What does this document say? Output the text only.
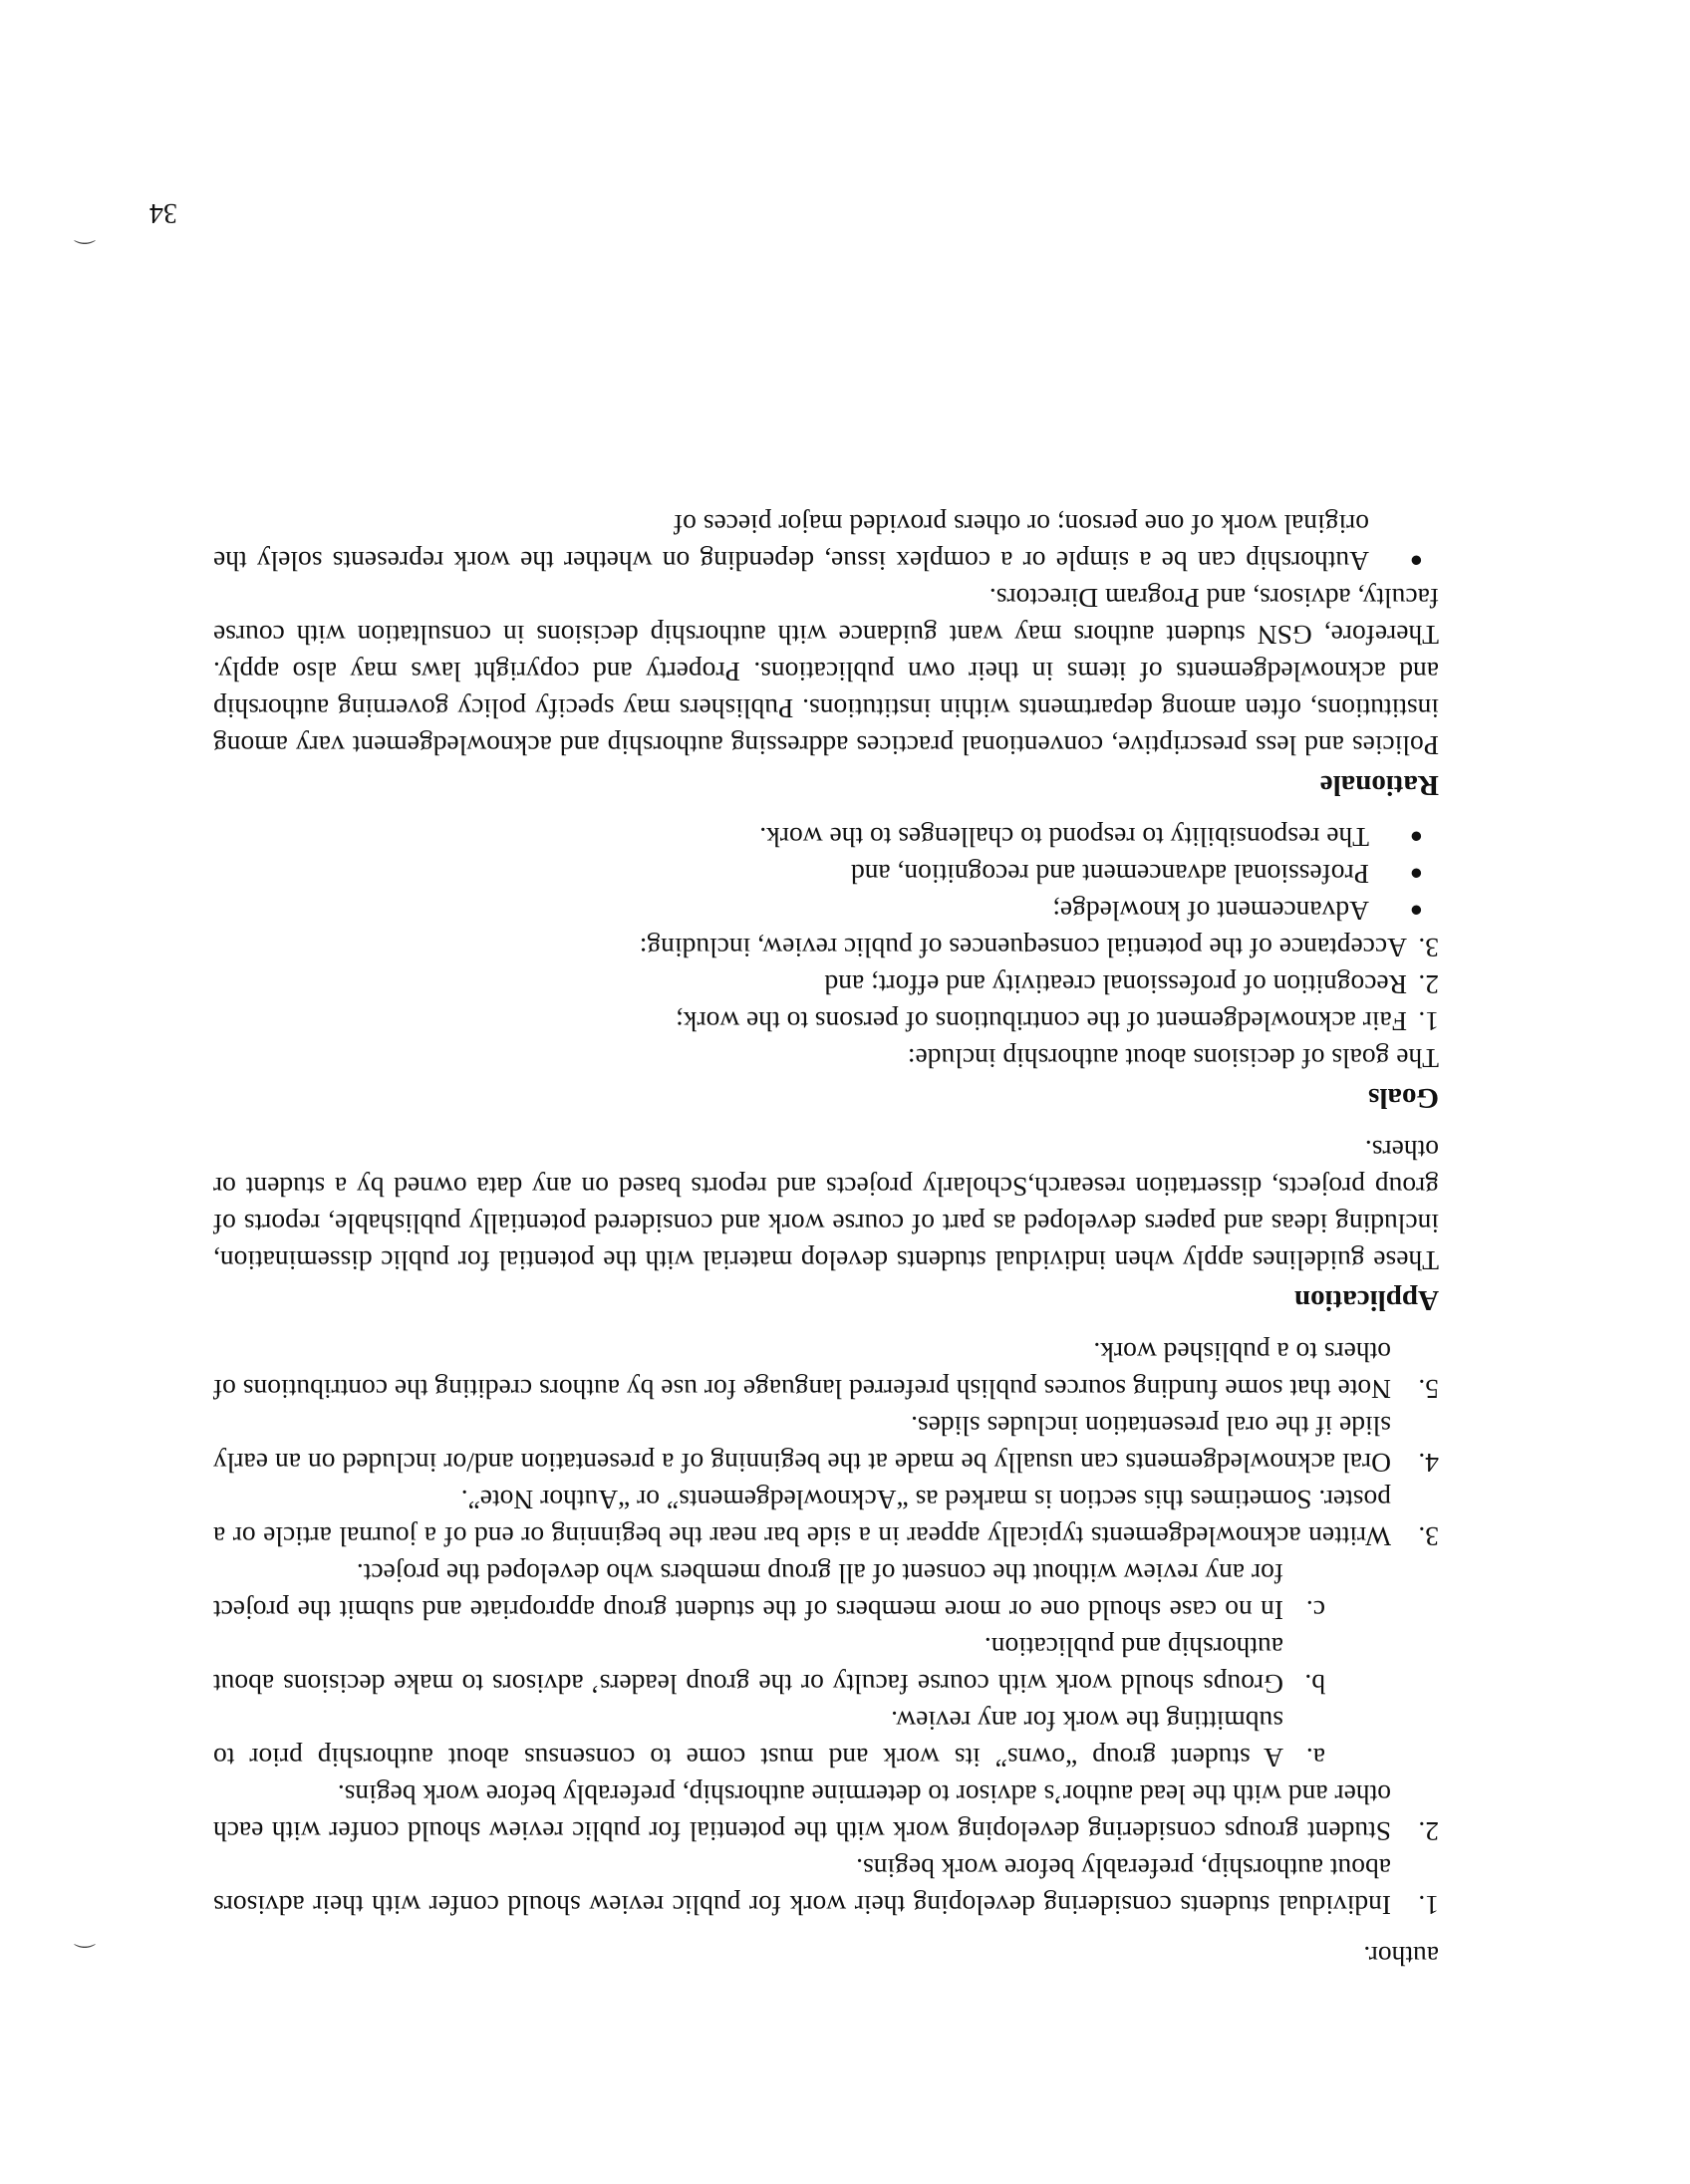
author.

1.

Individual students considering developing their work for public review should confer with their advisors about authorship, preferably before work begins.

2.

Student groups considering developing work with the potential for public review should confer with each other and with the lead author’s advisor to determine authorship, preferably before work begins.

a.

A student group “owns” its work and must come to consensus about authorship prior to submitting the work for any review.

b.

Groups should work with course faculty or the group leaders’ advisors to make decisions about authorship and publication.

c.

In no case should one or more members of the student group appropriate and submit the project for any review without the consent of all group members who developed the project.

3.

Written acknowledgements typically appear in a side bar near the beginning or end of a journal article or a poster. Sometimes this section is marked as “Acknowledgements” or “Author Note”.

4.

Oral acknowledgements can usually be made at the beginning of a presentation and/or included on an early slide if the oral presentation includes slides.

5.

Note that some funding sources publish preferred language for use by authors crediting the contributions of others to a published work.

Application

These guidelines apply when individual students develop material with the potential for public dissemination, including ideas and papers developed as part of course work and considered potentially publishable, reports of group projects, dissertation research,Scholarly projects and reports based on any data owned by a student or others.

Goals

The goals of decisions about authorship include:

1.

Fair acknowledgement of the contributions of persons to the work;

2.

Recognition of professional creativity and effort; and

3.

Acceptance of the potential consequences of public review, including:

●

Advancement of knowledge;

●

Professional advancement and recognition, and

●

The responsibility to respond to challenges to the work.

Rationale

Policies and less prescriptive, conventional practices addressing authorship and acknowledgement vary among institutions, often among departments within institutions. Publishers may specify policy governing authorship and acknowledgements of items in their own publications. Property and copyright laws may also apply. Therefore, GSN student authors may want guidance with authorship decisions in consultation with course faculty, advisors, and Program Directors.

●

Authorship can be a simple or a complex issue, depending on whether the work represents solely the original work of one person; or others provided major pieces of

34
⌒
⌒
